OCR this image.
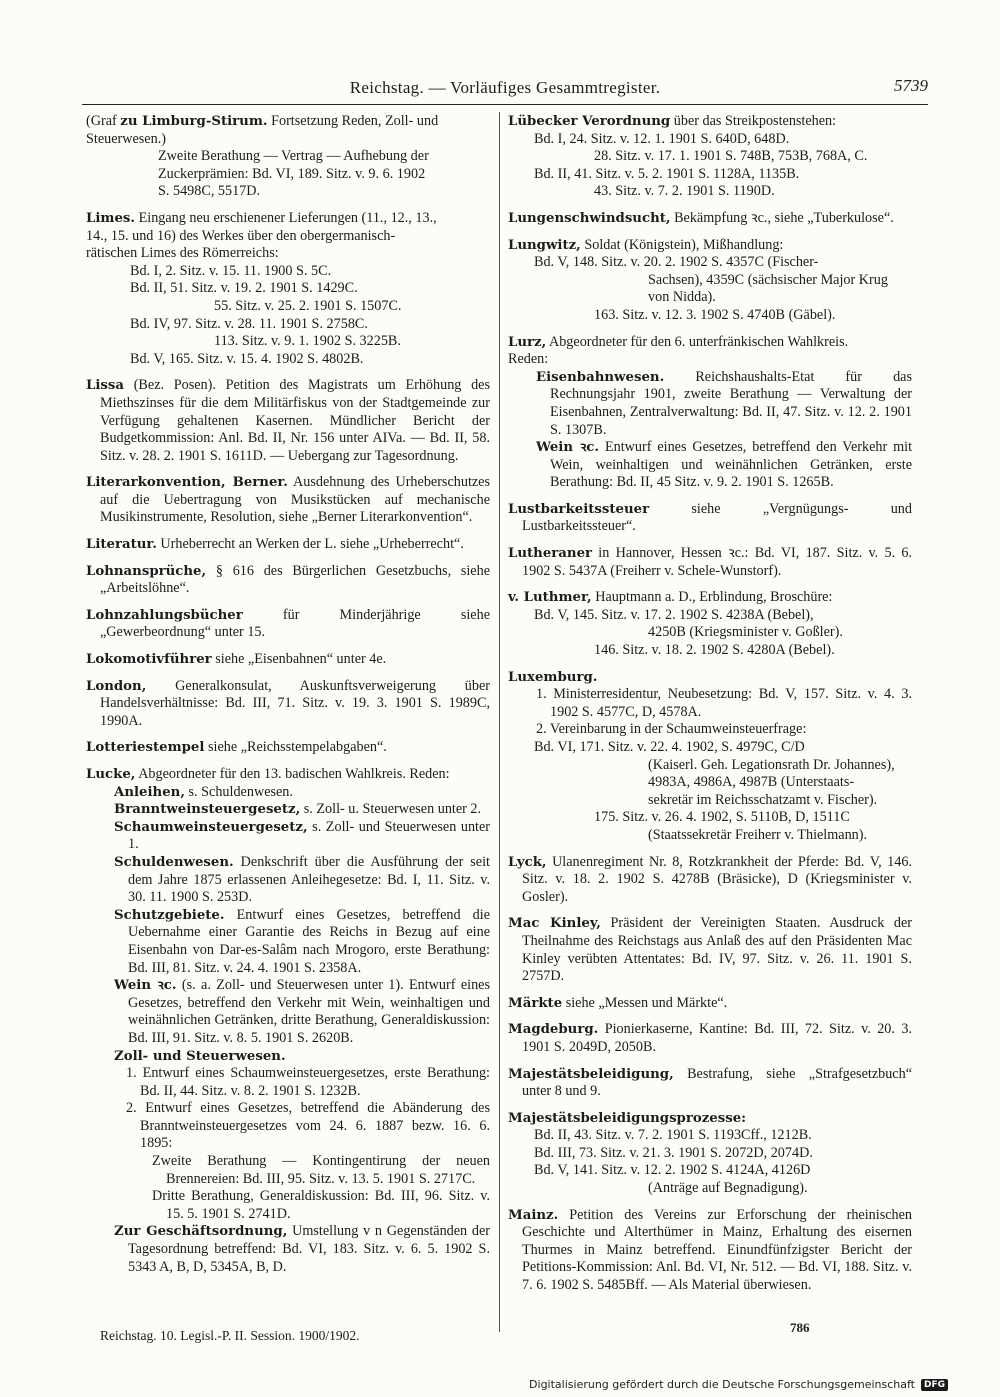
Reichstag. — Vorläufiges Gesammtregister.	5739
(Graf zu Limburg-Stirum. Fortsetzung Reden, Zoll- und
Steuerwesen.)
Zweite Berathung — Vertrag — Aufhebung der
Zuckerprämien: Bd. VI, 189. Sitz. v. 9. 6. 1902
S. 5498C, 5517D.
Limes. Eingang neu erschienener Lieferungen (11., 12., 13.,
14., 15. und 16) des Werkes über den obergermanisch-
rätischen Limes des Römerreichs:
Bd. I, 2. Sitz. v. 15. 11. 1900 S. 5C.
Bd. II, 51. Sitz. v. 19. 2. 1901 S. 1429C.
55. Sitz. v. 25. 2. 1901 S. 1507C.
Bd. IV, 97. Sitz. v. 28. 11. 1901 S. 2758C.
113. Sitz. v. 9. 1. 1902 S. 3225B.
Bd. V, 165. Sitz. v. 15. 4. 1902 S. 4802B.
Lissa (Bez. Posen). Petition des Magistrats um Erhöhung des Miethszinses für die dem Militärfiskus von der Stadtgemeinde zur Verfügung gehaltenen Kasernen. Mündlicher Bericht der Budgetkommission: Anl. Bd. II, Nr. 156 unter AIVa. — Bd. II, 58. Sitz. v. 28. 2. 1901 S. 1611D. — Uebergang zur Tagesordnung.
Literarkonvention, Berner. Ausdehnung des Urheberschutzes auf die Uebertragung von Musikstücken auf mechanische Musikinstrumente, Resolution, siehe „Berner Literarkonvention“.
Literatur. Urheberrecht an Werken der L. siehe „Urheberrecht“.
Lohnansprüche, § 616 des Bürgerlichen Gesetzbuchs, siehe „Arbeitslöhne“.
Lohnzahlungsbücher	für Minderjährige siehe „Gewerbeordnung“ unter 15.
Lokomotivführer siehe „Eisenbahnen“ unter 4e.
London, Generalkonsulat, Auskunftsverweigerung über Handelsverhältnisse: Bd. III, 71. Sitz. v. 19. 3. 1901 S. 1989C, 1990A.
Lotteriestempel siehe „Reichsstempelabgaben“.
Lucke, Abgeordneter für den 13. badischen Wahlkreis. Reden:
Anleihen, s. Schuldenwesen.
Branntweinsteuergesetz, s. Zoll- u. Steuerwesen unter 2.
Schaumweinsteuergesetz, s. Zoll- und Steuerwesen unter 1.
Schuldenwesen. Denkschrift über die Ausführung der seit dem Jahre 1875 erlassenen Anleihegesetze: Bd. I, 11. Sitz. v. 30. 11. 1900 S. 253D.
Schutzgebiete. Entwurf eines Gesetzes, betreffend die Uebernahme einer Garantie des Reichs in Bezug auf eine Eisenbahn von Dar-es-Salâm nach Mrogoro, erste Berathung: Bd. III, 81. Sitz. v. 24. 4. 1901 S. 2358A.
Wein ꝛc. (s. a. Zoll- und Steuerwesen unter 1). Entwurf eines Gesetzes, betreffend den Verkehr mit Wein, weinhaltigen und weinähnlichen Getränken, dritte Berathung, Generaldiskussion: Bd. III, 91. Sitz. v. 8. 5. 1901 S. 2620B.
Zoll- und Steuerwesen.
1. Entwurf eines Schaumweinsteuergesetzes, erste Berathung: Bd. II, 44. Sitz. v. 8. 2. 1901 S. 1232B.
2. Entwurf eines Gesetzes, betreffend die Abänderung des Branntweinsteuergesetzes vom 24. 6. 1887 bezw. 16. 6. 1895:
Zweite Berathung — Kontingentirung der neuen Brennereien: Bd. III, 95. Sitz. v. 13. 5. 1901 S. 2717C.
Dritte Berathung, Generaldiskussion: Bd. III, 96. Sitz. v. 15. 5. 1901 S. 2741D.
Zur Geschäftsordnung, Umstellung v n Gegenständen der Tagesordnung betreffend: Bd. VI, 183. Sitz. v. 6. 5. 1902 S. 5343 A, B, D, 5345A, B, D.
Lübecker Verordnung über das Streikpostenstehen:
Bd. I, 24. Sitz. v. 12. 1. 1901 S. 640D, 648D.
28. Sitz. v. 17. 1. 1901 S. 748B, 753B, 768A, C.
Bd. II, 41. Sitz. v. 5. 2. 1901 S. 1128A, 1135B.
43. Sitz. v. 7. 2. 1901 S. 1190D.
Lungenschwindsucht, Bekämpfung ꝛc., siehe „Tuberkulose“.
Lungwitz, Soldat (Königstein), Mißhandlung:
Bd. V, 148. Sitz. v. 20. 2. 1902 S. 4357C (Fischer-
Sachsen), 4359C (sächsischer Major Krug
von Nidda).
163. Sitz. v. 12. 3. 1902 S. 4740B (Gäbel).
Lurz, Abgeordneter für den 6. unterfränkischen Wahlkreis.
Reden:
Eisenbahnwesen. Reichshaushalts-Etat für das Rechnungsjahr 1901, zweite Berathung — Verwaltung der Eisenbahnen, Zentralverwaltung: Bd. II, 47. Sitz. v. 12. 2. 1901 S. 1307B.
Wein ꝛc. Entwurf eines Gesetzes, betreffend den Verkehr mit Wein, weinhaltigen und weinähnlichen Getränken, erste Berathung: Bd. II, 45 Sitz. v. 9. 2. 1901 S. 1265B.
Lustbarkeitssteuer	siehe „Vergnügungs- und Lustbarkeitssteuer“.
Lutheraner in Hannover, Hessen ꝛc.: Bd. VI, 187. Sitz. v. 5. 6. 1902 S. 5437A (Freiherr v. Schele-Wunstorf).
v. Luthmer, Hauptmann a. D., Erblindung, Broschüre:
Bd. V, 145. Sitz. v. 17. 2. 1902 S. 4238A (Bebel),
4250B (Kriegsminister v. Goßler).
146. Sitz. v. 18. 2. 1902 S. 4280A (Bebel).
Luxemburg.
1. Ministerresidentur, Neubesetzung: Bd. V, 157. Sitz. v. 4. 3. 1902 S. 4577C, D, 4578A.
2. Vereinbarung in der Schaumweinsteuerfrage:
Bd. VI, 171. Sitz. v. 22. 4. 1902, S. 4979C, C/D
(Kaiserl. Geh. Legationsrath Dr. Johannes),
4983A, 4986A, 4987B (Unterstaats-
sekretär im Reichsschatzamt v. Fischer).
175. Sitz. v. 26. 4. 1902, S. 5110B, D, 1511C
(Staatssekretär Freiherr v. Thielmann).
Lyck, Ulanenregiment Nr. 8, Rotzkrankheit der Pferde: Bd. V, 146. Sitz. v. 18. 2. 1902 S. 4278B (Bräsicke), D (Kriegsminister v. Gosler).
Mac Kinley, Präsident der Vereinigten Staaten. Ausdruck der Theilnahme des Reichstags aus Anlaß des auf den Präsidenten Mac Kinley verübten Attentates: Bd. IV, 97. Sitz. v. 26. 11. 1901 S. 2757D.
Märkte siehe „Messen und Märkte“.
Magdeburg. Pionierkaserne, Kantine: Bd. III, 72. Sitz. v. 20. 3. 1901 S. 2049D, 2050B.
Majestätsbeleidigung, Bestrafung, siehe „Strafgesetzbuch“ unter 8 und 9.
Majestätsbeleidigungsprozesse:
Bd. II, 43. Sitz. v. 7. 2. 1901 S. 1193Cff., 1212B.
Bd. III, 73. Sitz. v. 21. 3. 1901 S. 2072D, 2074D.
Bd. V, 141. Sitz. v. 12. 2. 1902 S. 4124A, 4126D
(Anträge auf Begnadigung).
Mainz. Petition des Vereins zur Erforschung der rheinischen Geschichte und Alterthümer in Mainz, Erhaltung des eisernen Thurmes in Mainz betreffend. Einundfünfzigster Bericht der Petitions-Kommission: Anl. Bd. VI, Nr. 512. — Bd. VI, 188. Sitz. v. 7. 6. 1902 S. 5485Bff. — Als Material überwiesen.
Reichstag. 10. Legisl.-P. II. Session. 1900/1902.
786
Digitalisierung gefördert durch die Deutsche Forschungsgemeinschaft	DFG
